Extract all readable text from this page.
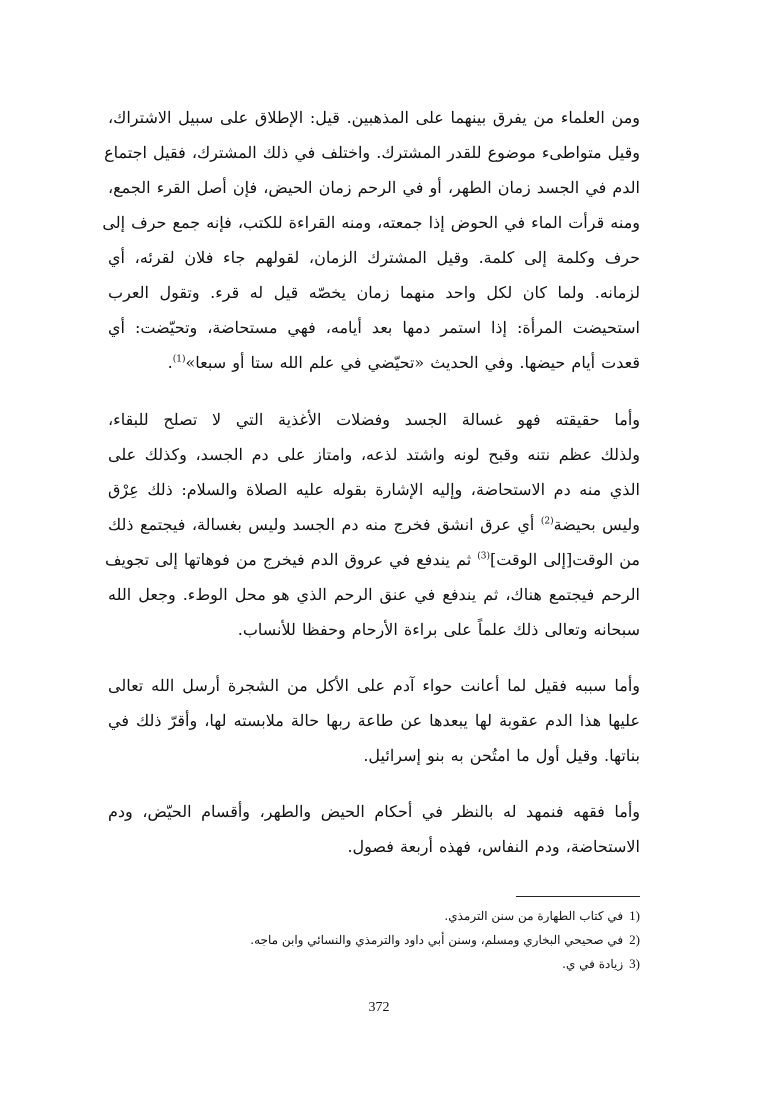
ومن العلماء من يفرق بينهما على المذهبين. قيل: الإطلاق على سبيل الاشتراك،
وقيل متواطىء موضوع للقدر المشترك. واختلف في ذلك المشترك، فقيل اجتماع
الدم في الجسد زمان الطهر، أو في الرحم زمان الحيض، فإن أصل القرء الجمع،
ومنه قرأت الماء في الحوض إذا جمعته، ومنه القراءة للكتب، فإنه جمع حرف إلى
حرف وكلمة إلى كلمة. وقيل المشترك الزمان، لقولهم جاء فلان لقرئه، أي
لزمانه. ولما كان لكل واحد منهما زمان يخصّه قيل له قرء. وتقول العرب
استحيضت المرأة: إذا استمر دمها بعد أيامه، فهي مستحاضة، وتحيّضت: أي
قعدت أيام حيضها. وفي الحديث «تحيّضي في علم الله ستا أو سبعا»$^{(1)}$.

وأما حقيقته فهو غسالة الجسد وفضلات الأغذية التي لا تصلح للبقاء،
ولذلك عظم نتنه وقبح لونه واشتد لذعه، وامتاز على دم الجسد، وكذلك على
الذي منه دم الاستحاضة، وإليه الإشارة بقوله عليه الصلاة والسلام: ذلك عِرْق
وليس بحيضة$^{(2)}$ أي عرق انشق فخرج منه دم الجسد وليس بغسالة، فيجتمع ذلك
من الوقت[إلى الوقت]$^{(3)}$ ثم يندفع في عروق الدم فيخرج من فوهاتها إلى تجويف
الرحم فيجتمع هناك، ثم يندفع في عنق الرحم الذي هو محل الوطء. وجعل الله
سبحانه وتعالى ذلك علماً على براءة الأرحام وحفظا للأنساب.

وأما سببه فقيل لما أعانت حواء آدم على الأكل من الشجرة أرسل الله تعالى
عليها هذا الدم عقوبة لها يبعدها عن طاعة ربها حالة ملابسته لها، وأقرّ ذلك في
بناتها. وقيل أول ما امتُحن به بنو إسرائيل.

وأما فقهه فنمهد له بالنظر في أحكام الحيض والطهر، وأقسام الحيّض، ودم
الاستحاضة، ودم النفاس، فهذه أربعة فصول.

1)في كتاب الطهارة من سنن الترمذي.
2)في صحيحي البخاري ومسلم، وسنن أبي داود والترمذي والنسائي وابن ماجه.
3)زيادة في ي.
372
